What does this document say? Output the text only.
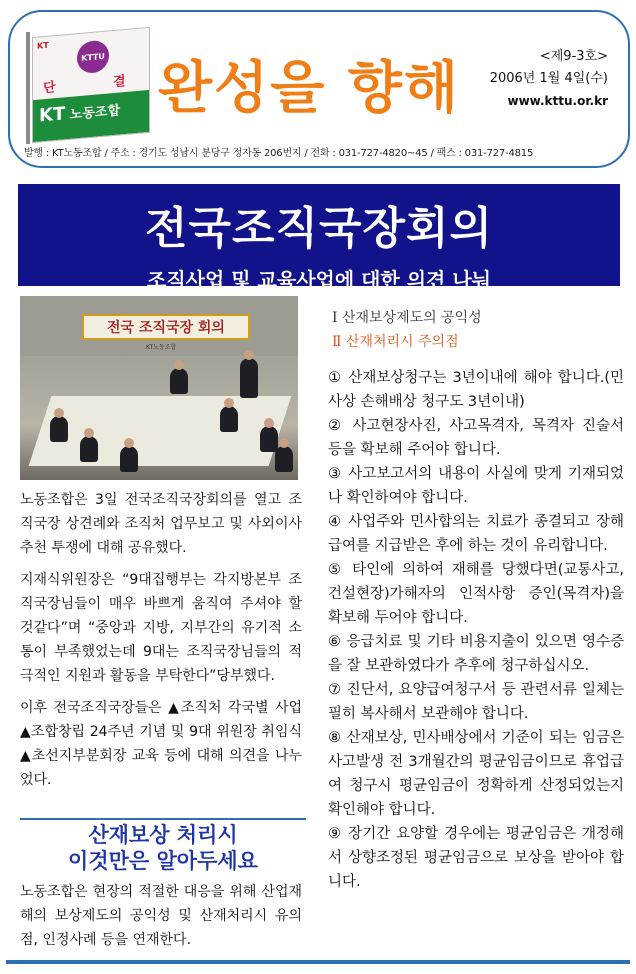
KT
KTTU
단	결
KT 노동조합 완성을 향해	<제9-3호>
2006년 1월 4일(수)
www.kttu.or.kr
발행 : KT노동조합 / 주소 : 경기도 성남시 분당구 정자동 206번지 / 전화 : 031-727-4820~45 / 팩스 : 031-727-4815
전국조직국장회의
조직사업 및 교육사업에 대한 의견 나눠
전국 조직국장 회의
KT노동조합

노동조합은 3일 전국조직국장회의를 열고 조직국장 상견례와 조직처 업무보고 및 사외이사 추천 투쟁에 대해 공유했다.

지재식위원장은 “9대집행부는 각지방본부 조직국장님들이 매우 바쁘게 움직여 주셔야 할 것같다”며 “중앙과 지방, 지부간의 유기적 소통이 부족했었는데 9대는 조직국장님들의 적극적인 지원과 활동을 부탁한다”당부했다.

이후 전국조직국장들은 ▲조직처 각국별 사업 ▲조합창립 24주년 기념 및 9대 위원장 취임식 ▲초선지부분회장 교육 등에 대해 의견을 나누었다.

산재보상 처리시
이것만은 알아두세요
노동조합은 현장의 적절한 대응을 위해 산업재해의 보상제도의 공익성 및 산재처리시 유의점, 인정사례 등을 연재한다.
Ⅰ 산재보상제도의 공익성
Ⅱ 산재처리시 주의점

① 산재보상청구는 3년이내에 해야 합니다.(민사상 손해배상 청구도 3년이내)

② 사고현장사진, 사고목격자, 목격자 진술서 등을 확보해 주어야 합니다.

③ 사고보고서의 내용이 사실에 맞게 기재되었나 확인하여야 합니다.

④ 사업주와 민사합의는 치료가 종결되고 장해급여를 지급받은 후에 하는 것이 유리합니다.

⑤ 타인에 의하여 재해를 당했다면(교통사고, 건설현장)가해자의 인적사항 증인(목격자)을 확보해 두어야 합니다.

⑥ 응급치료 및 기타 비용지출이 있으면 영수증을 잘 보관하였다가 추후에 청구하십시오.

⑦ 진단서, 요양급여청구서 등 관련서류 일체는 필히 복사해서 보관해야 합니다.

⑧ 산재보상, 민사배상에서 기준이 되는 임금은 사고발생 전 3개월간의 평균임금이므로 휴업급여 청구시 평균임금이 정확하게 산정되었는지 확인해야 합니다.

⑨ 장기간 요양할 경우에는 평균임금은 개정해서 상향조정된 평균임금으로 보상을 받아야 합니다.
